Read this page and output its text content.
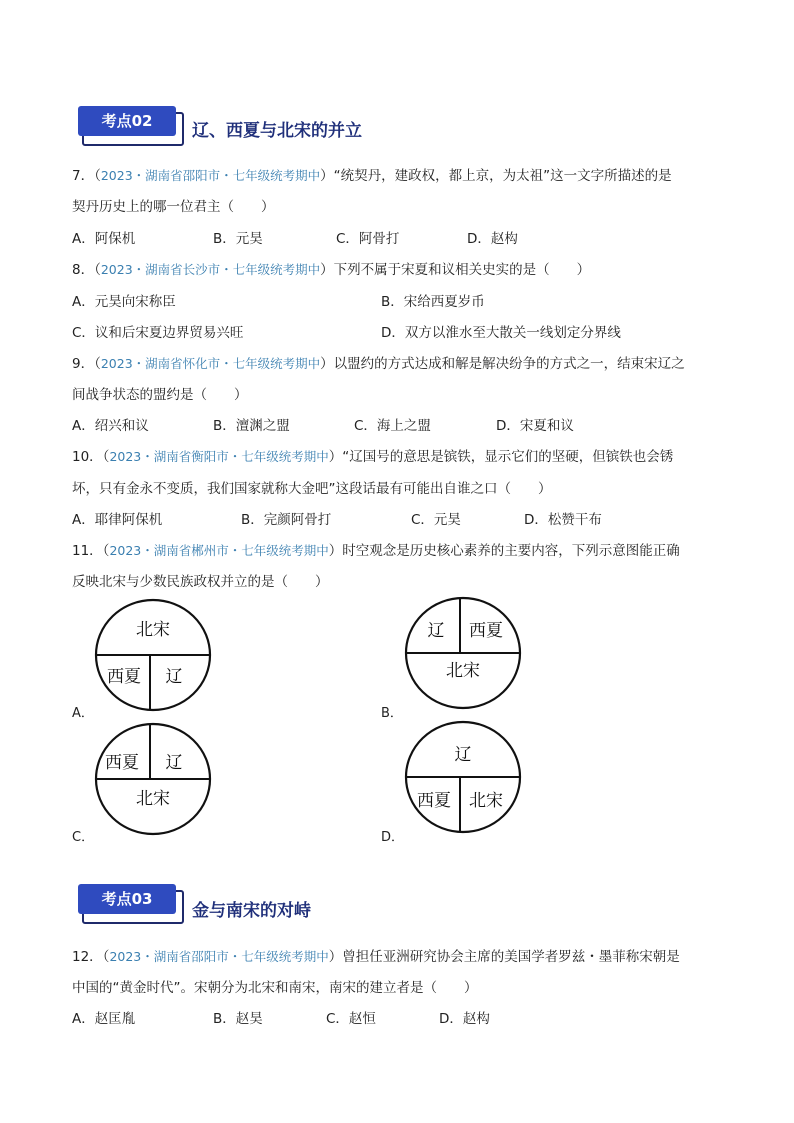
考点02	辽、西夏与北宋的并立
7．（2023・湖南省邵阳市・七年级统考期中）“统契丹，建政权，都上京，为太祖”这一文字所描述的是
契丹历史上的哪一位君主（　　）
A．阿保机	B．元昊	C．阿骨打	D．赵构
8．（2023・湖南省长沙市・七年级统考期中）下列不属于宋夏和议相关史实的是（　　）
A．元昊向宋称臣	B．宋给西夏岁币
C．议和后宋夏边界贸易兴旺	D．双方以淮水至大散关一线划定分界线
9．（2023・湖南省怀化市・七年级统考期中）以盟约的方式达成和解是解决纷争的方式之一，结束宋辽之
间战争状态的盟约是（　　）
A．绍兴和议	B．澶渊之盟	C．海上之盟	D．宋夏和议
10．（2023・湖南省衡阳市・七年级统考期中）“辽国号的意思是镔铁，显示它们的坚硬，但镔铁也会锈
坏，只有金永不变质，我们国家就称大金吧”这段话最有可能出自谁之口（　　）
A．耶律阿保机	B．完颜阿骨打	C．元昊	D．松赞干布
11．（2023・湖南省郴州市・七年级统考期中）时空观念是历史核心素养的主要内容，下列示意图能正确
反映北宋与少数民族政权并立的是（　　）
A．
北宋
西夏 辽
B．
辽 西夏
北宋
C．
西夏 辽
北宋
D．
辽
西夏 北宋
考点03
金与南宋的对峙
12．（2023・湖南省邵阳市・七年级统考期中）曾担任亚洲研究协会主席的美国学者罗兹・墨菲称宋朝是
中国的“黄金时代”。宋朝分为北宋和南宋，南宋的建立者是（　　）
A．赵匡胤	B．赵昊	C．赵恒	D．赵构
